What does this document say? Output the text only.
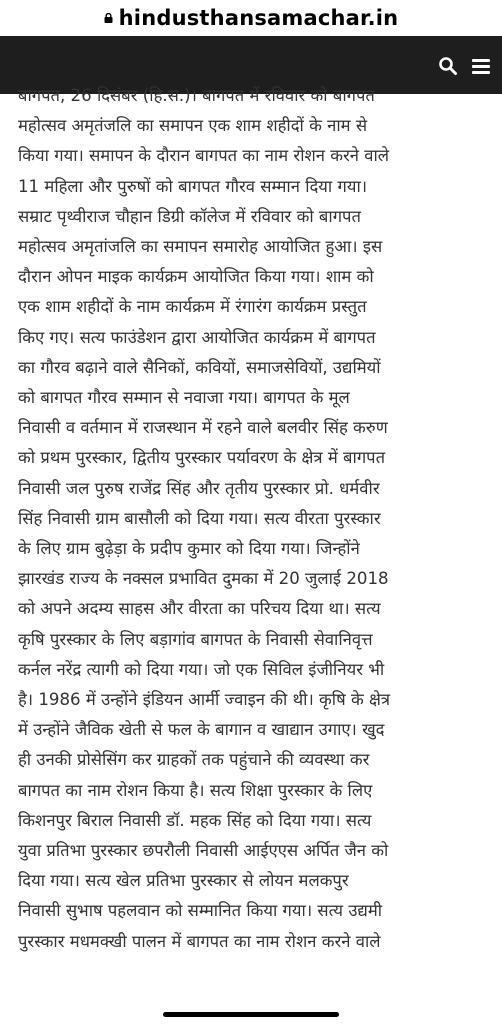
hindusthansamachar.in

बागपत, 26 दिसंबर (हि.स.)। बागपत में रविवार को बागपत

महोत्सव अमृतंजलि का समापन एक शाम शहीदों के नाम से

किया गया। समापन के दौरान बागपत का नाम रोशन करने वाले

11 महिला और पुरुषों को बागपत गौरव सम्मान दिया गया।

सम्राट पृथ्वीराज चौहान डिग्री कॉलेज में रविवार को बागपत

महोत्सव अमृतांजलि का समापन समारोह आयोजित हुआ। इस

दौरान ओपन माइक कार्यक्रम आयोजित किया गया। शाम को

एक शाम शहीदों के नाम कार्यक्रम में रंगारंग कार्यक्रम प्रस्तुत

किए गए। सत्य फाउंडेशन द्वारा आयोजित कार्यक्रम में बागपत

का गौरव बढ़ाने वाले सैनिकों, कवियों, समाजसेवियों, उद्यमियों

को बागपत गौरव सम्मान से नवाजा गया। बागपत के मूल

निवासी व वर्तमान में राजस्थान में रहने वाले बलवीर सिंह करुण

को प्रथम पुरस्कार, द्वितीय पुरस्कार पर्यावरण के क्षेत्र में बागपत

निवासी जल पुरुष राजेंद्र सिंह और तृतीय पुरस्कार प्रो. धर्मवीर

सिंह निवासी ग्राम बासौली को दिया गया। सत्य वीरता पुरस्कार

के लिए ग्राम बुढ़ेड़ा के प्रदीप कुमार को दिया गया। जिन्होंने

झारखंड राज्य के नक्सल प्रभावित दुमका में 20 जुलाई 2018

को अपने अदम्य साहस और वीरता का परिचय दिया था। सत्य

कृषि पुरस्कार के लिए बड़ागांव बागपत के निवासी सेवानिवृत्त

कर्नल नरेंद्र त्यागी को दिया गया। जो एक सिविल इंजीनियर भी

है। 1986 में उन्होंने इंडियन आर्मी ज्वाइन की थी। कृषि के क्षेत्र

में उन्होंने जैविक खेती से फल के बागान व खाद्यान उगाए। खुद

ही उनकी प्रोसेसिंग कर ग्राहकों तक पहुंचाने की व्यवस्था कर

बागपत का नाम रोशन किया है। सत्य शिक्षा पुरस्कार के लिए

किशनपुर बिराल निवासी डॉ. महक सिंह को दिया गया। सत्य

युवा प्रतिभा पुरस्कार छपरौली निवासी आईएएस अर्पित जैन को

दिया गया। सत्य खेल प्रतिभा पुरस्कार से लोयन मलकपुर

निवासी सुभाष पहलवान को सम्मानित किया गया। सत्य उद्यमी

पुरस्कार मधमक्खी पालन में बागपत का नाम रोशन करने वाले
